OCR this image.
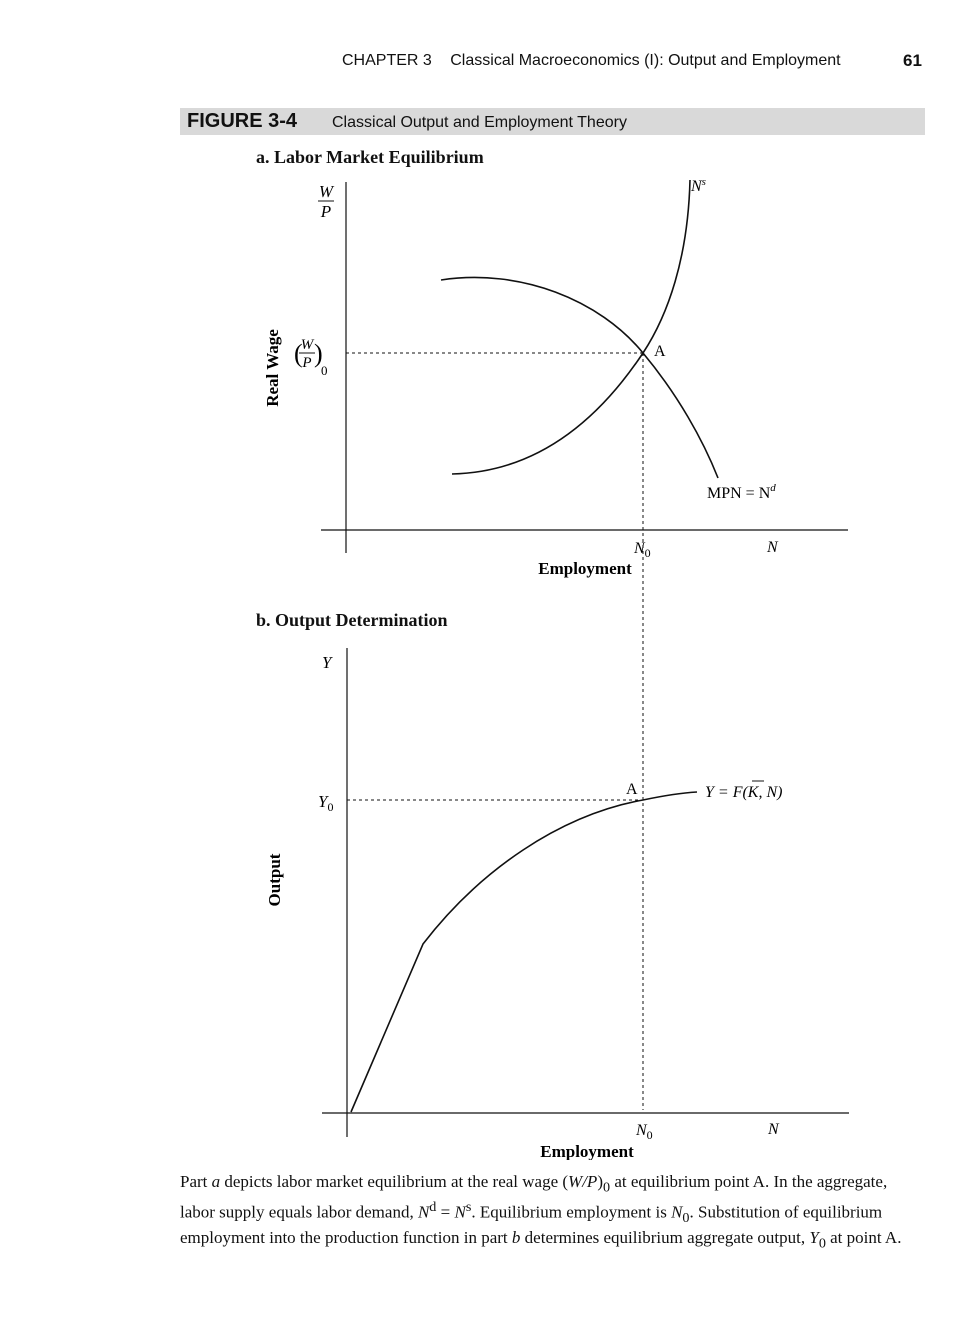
CHAPTER 3 Classical Macroeconomics (I): Output and Employment	61
FIGURE 3-4 Classical Output and Employment Theory
a. Labor Market Equilibrium
b. Output Determination
W
P
(
W
P )
0
Real Wage
$N^s$
MPN = $N^d$
A
$N_0$	N
Employment
Y
$Y_0$
Output
A	Y = F(K, N)
$N_0$	N
Employment
Part a depicts labor market equilibrium at the real wage $(W/P)_0$ at equilibrium point A. In the aggregate, labor supply equals labor demand, $N^d = N^s$. Equilibrium employment is $N_0$. Substitution of equilibrium employment into the production function in part b determines equilibrium aggregate output, $Y_0$ at point A.
